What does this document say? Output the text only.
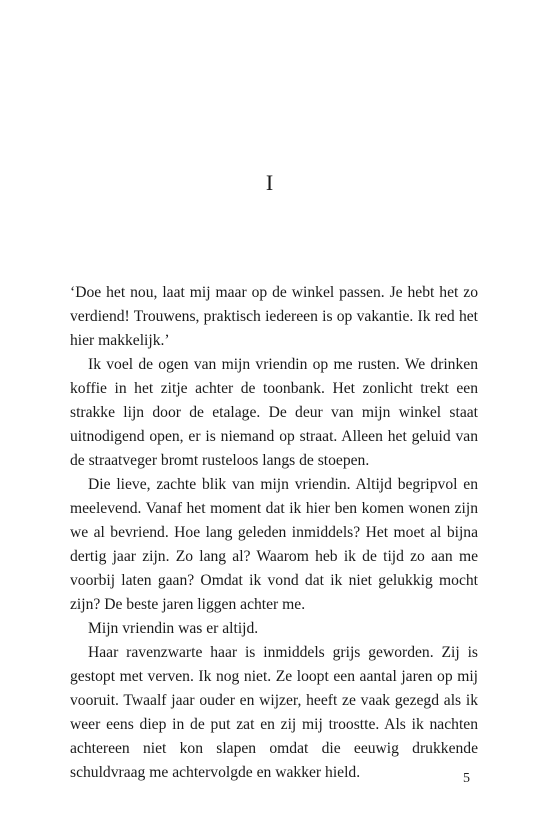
I

‘Doe het nou, laat mij maar op de winkel passen. Je hebt het zo verdiend! Trouwens, praktisch iedereen is op vakantie. Ik red het hier makkelijk.’

Ik voel de ogen van mijn vriendin op me rusten. We drinken koffie in het zitje achter de toonbank. Het zonlicht trekt een strakke lijn door de etalage. De deur van mijn winkel staat uitnodigend open, er is niemand op straat. Alleen het geluid van de straatveger bromt rusteloos langs de stoepen.

Die lieve, zachte blik van mijn vriendin. Altijd begripvol en meelevend. Vanaf het moment dat ik hier ben komen wonen zijn we al bevriend. Hoe lang geleden inmiddels? Het moet al bijna dertig jaar zijn. Zo lang al? Waarom heb ik de tijd zo aan me voorbij laten gaan? Omdat ik vond dat ik niet gelukkig mocht zijn? De beste jaren liggen achter me.

Mijn vriendin was er altijd.

Haar ravenzwarte haar is inmiddels grijs geworden. Zij is gestopt met verven. Ik nog niet. Ze loopt een aantal jaren op mij vooruit. Twaalf jaar ouder en wijzer, heeft ze vaak gezegd als ik weer eens diep in de put zat en zij mij troostte. Als ik nachten achtereen niet kon slapen omdat die eeuwig drukkende schuldvraag me achtervolgde en wakker hield.	5
